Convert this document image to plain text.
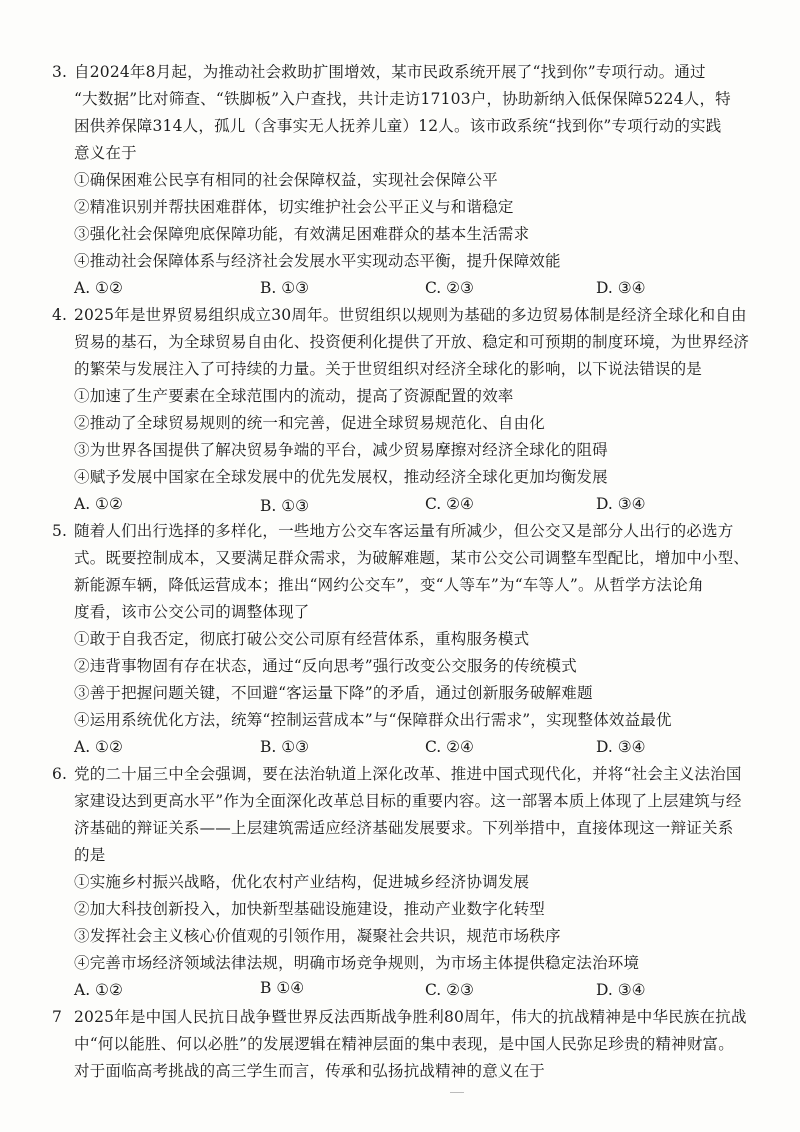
3. 自2024年8月起，为推动社会救助扩围增效，某市民政系统开展了“找到你”专项行动。通过
“大数据”比对筛查、“铁脚板”入户查找，共计走访17103户，协助新纳入低保保障5224人，特
困供养保障314人，孤儿（含事实无人抚养儿童）12人。该市政系统“找到你”专项行动的实践
意义在于
①确保困难公民享有相同的社会保障权益，实现社会保障公平
②精准识别并帮扶困难群体，切实维护社会公平正义与和谐稳定
③强化社会保障兜底保障功能，有效满足困难群众的基本生活需求
④推动社会保障体系与经济社会发展水平实现动态平衡，提升保障效能
A. ①②	B. ①③	C. ②③	D. ③④
4. 2025年是世界贸易组织成立30周年。世贸组织以规则为基础的多边贸易体制是经济全球化和自由
贸易的基石，为全球贸易自由化、投资便利化提供了开放、稳定和可预期的制度环境，为世界经济
的繁荣与发展注入了可持续的力量。关于世贸组织对经济全球化的影响，以下说法错误的是
①加速了生产要素在全球范围内的流动，提高了资源配置的效率
②推动了全球贸易规则的统一和完善，促进全球贸易规范化、自由化
③为世界各国提供了解决贸易争端的平台，减少贸易摩擦对经济全球化的阻碍
④赋予发展中国家在全球发展中的优先发展权，推动经济全球化更加均衡发展
A. ①②	B. ①③	C. ②④	D. ③④
5. 随着人们出行选择的多样化，一些地方公交车客运量有所减少，但公交又是部分人出行的必选方
式。既要控制成本，又要满足群众需求，为破解难题，某市公交公司调整车型配比，增加中小型、
新能源车辆，降低运营成本；推出“网约公交车”，变“人等车”为“车等人”。从哲学方法论角
度看，该市公交公司的调整体现了
①敢于自我否定，彻底打破公交公司原有经营体系，重构服务模式
②违背事物固有存在状态，通过“反向思考”强行改变公交服务的传统模式
③善于把握问题关键，不回避“客运量下降”的矛盾，通过创新服务破解难题
④运用系统优化方法，统筹“控制运营成本”与“保障群众出行需求”，实现整体效益最优
A. ①②	B. ①③	C. ②④	D. ③④
6. 党的二十届三中全会强调，要在法治轨道上深化改革、推进中国式现代化，并将“社会主义法治国
家建设达到更高水平”作为全面深化改革总目标的重要内容。这一部署本质上体现了上层建筑与经
济基础的辩证关系——上层建筑需适应经济基础发展要求。下列举措中，直接体现这一辩证关系
的是
①实施乡村振兴战略，优化农村产业结构，促进城乡经济协调发展
②加大科技创新投入，加快新型基础设施建设，推动产业数字化转型
③发挥社会主义核心价值观的引领作用，凝聚社会共识，规范市场秩序
④完善市场经济领域法律法规，明确市场竞争规则，为市场主体提供稳定法治环境
A. ①②	B ①④	C. ②③	D. ③④
7 2025年是中国人民抗日战争暨世界反法西斯战争胜利80周年，伟大的抗战精神是中华民族在抗战
中“何以能胜、何以必胜”的发展逻辑在精神层面的集中表现，是中国人民弥足珍贵的精神财富。
对于面临高考挑战的高三学生而言，传承和弘扬抗战精神的意义在于
